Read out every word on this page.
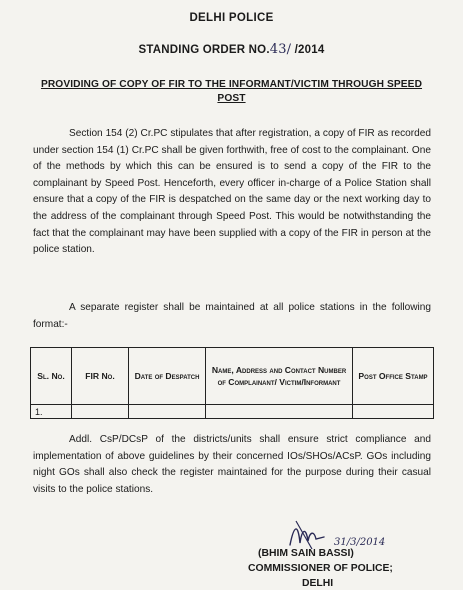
DELHI POLICE
STANDING ORDER NO.43/ /2014
PROVIDING OF COPY OF FIR TO THE INFORMANT/VICTIM THROUGH SPEED POST

Section 154 (2) Cr.PC stipulates that after registration, a copy of FIR as recorded under section 154 (1) Cr.PC shall be given forthwith, free of cost to the complainant. One of the methods by which this can be ensured is to send a copy of the FIR to the complainant by Speed Post. Henceforth, every officer in-charge of a Police Station shall ensure that a copy of the FIR is despatched on the same day or the next working day to the address of the complainant through Speed Post. This would be notwithstanding the fact that the complainant may have been supplied with a copy of the FIR in person at the police station.

A separate register shall be maintained at all police stations in the following format:-

Sl. No.	FIR No.	Date of Despatch	Name, Address and Contact Number of Complainant/ Victim/Informant	Post Office Stamp
1.				

Addl. CsP/DCsP of the districts/units shall ensure strict compliance and implementation of above guidelines by their concerned IOs/SHOs/ACsP. GOs including night GOs shall also check the register maintained for the purpose during their casual visits to the police stations.

31/3/2014
(BHIM SAIN BASSI)
COMMISSIONER OF POLICE;
DELHI
